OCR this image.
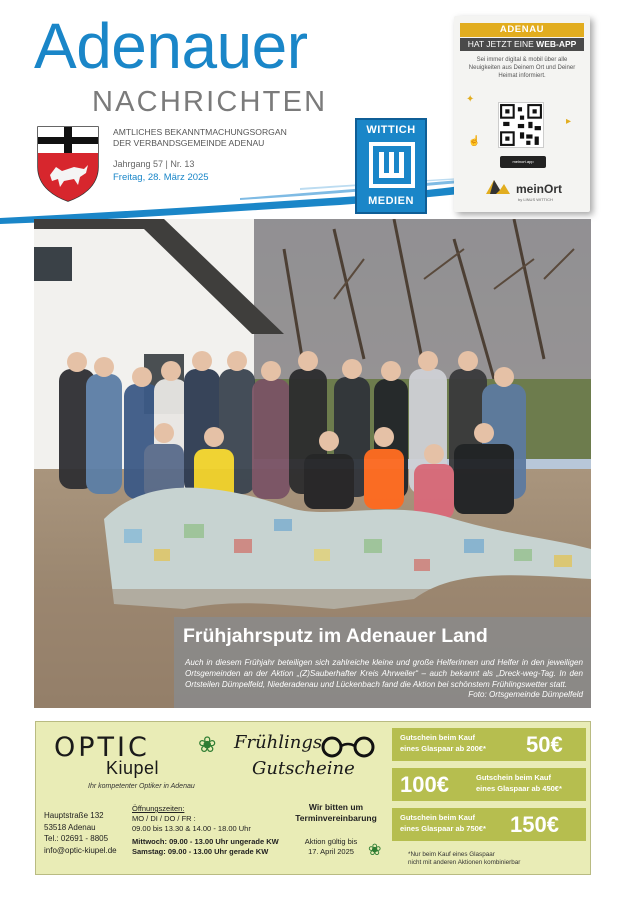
Adenauer
NACHRICHTEN
AMTLICHES BEKANNTMACHUNGSORGAN
DER VERBANDSGEMEINDE ADENAU
Jahrgang 57 | Nr. 13
Freitag, 28. März 2025
WITTICH
MEDIEN
ADENAU
HAT JETZT EINE WEB-APP
Sei immer digital & mobil über alle Neuigkeiten aus Deinem Ort und Deiner Heimat informiert.
✦
▸
☝
meinort.app
meinOrt
by LINUS WITTICH
Frühjahrsputz im Adenauer Land

Auch in diesem Frühjahr beteiligen sich zahlreiche kleine und große Helferinnen und Helfer in den jeweiligen Ortsgemeinden an der Aktion „(Z)Sauberhafter Kreis Ahrweiler“ – auch bekannt als „Dreck-weg-Tag. In den Ortsteilen Dümpelfeld, Niederadenau und Lückenbach fand die Aktion bei schönstem Frühlingswetter statt.

Foto: Ortsgemeinde Dümpelfeld
OPTIC
Kiupel
Ihr kompetenter Optiker in Adenau
❀ Frühlings
Gutscheine
Hauptstraße 132
53518 Adenau
Tel.: 02691 - 8805
info@optic-kiupel.de
Öffnungszeiten:
MO / DI / DO / FR :
09.00 bis 13.30 & 14.00 - 18.00 Uhr
Mittwoch: 09.00 - 13.00 Uhr ungerade KW
Samstag: 09.00 - 13.00 Uhr gerade KW
Wir bitten um
Terminvereinbarung
Aktion gültig bis
17. April 2025 ❀
Gutschein beim Kauf
eines Glaspaar ab 200€* 50€
100€	Gutschein beim Kauf
eines Glaspaar ab 450€*
Gutschein beim Kauf
eines Glaspaar ab 750€* 150€
*Nur beim Kauf eines Glaspaar
nicht mit anderen Aktionen kombinierbar
